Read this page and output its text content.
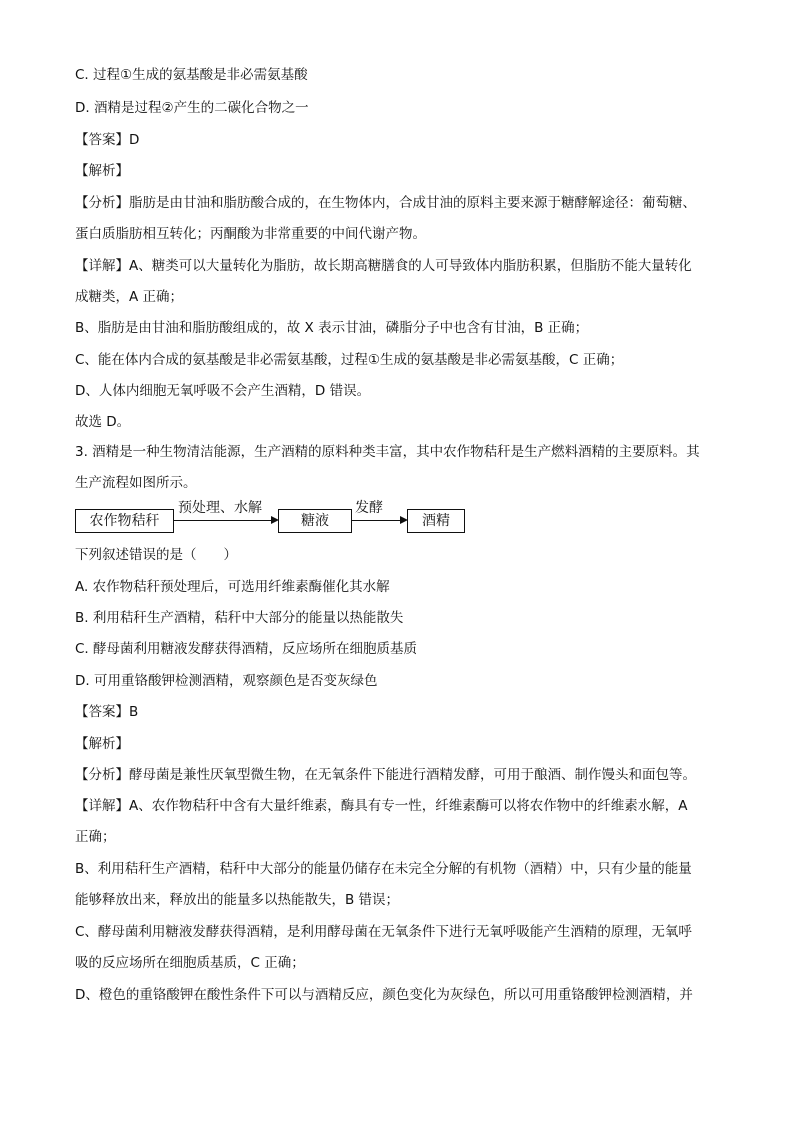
C. 过程①生成的氨基酸是非必需氨基酸
D. 酒精是过程②产生的二碳化合物之一
【答案】D
【解析】
【分析】脂肪是由甘油和脂肪酸合成的，在生物体内，合成甘油的原料主要来源于糖酵解途径：葡萄糖、
蛋白质脂肪相互转化；丙酮酸为非常重要的中间代谢产物。
【详解】A、糖类可以大量转化为脂肪，故长期高糖膳食的人可导致体内脂肪积累，但脂肪不能大量转化
成糖类，A 正确；
B、脂肪是由甘油和脂肪酸组成的，故 X 表示甘油，磷脂分子中也含有甘油，B 正确；
C、能在体内合成的氨基酸是非必需氨基酸，过程①生成的氨基酸是非必需氨基酸，C 正确；
D、人体内细胞无氧呼吸不会产生酒精，D 错误。
故选 D。
3. 酒精是一种生物清洁能源，生产酒精的原料种类丰富，其中农作物秸秆是生产燃料酒精的主要原料。其
生产流程如图所示。
农作物秸秆
预处理、水解
糖液
发酵
酒精
下列叙述错误的是（　　）
A. 农作物秸秆预处理后，可选用纤维素酶催化其水解
B. 利用秸秆生产酒精，秸秆中大部分的能量以热能散失
C. 酵母菌利用糖液发酵获得酒精，反应场所在细胞质基质
D. 可用重铬酸钾检测酒精，观察颜色是否变灰绿色
【答案】B
【解析】
【分析】酵母菌是兼性厌氧型微生物，在无氧条件下能进行酒精发酵，可用于酿酒、制作馒头和面包等。
【详解】A、农作物秸秆中含有大量纤维素，酶具有专一性，纤维素酶可以将农作物中的纤维素水解，A
正确；
B、利用秸秆生产酒精，秸秆中大部分的能量仍储存在未完全分解的有机物（酒精）中，只有少量的能量
能够释放出来，释放出的能量多以热能散失，B 错误；
C、酵母菌利用糖液发酵获得酒精，是利用酵母菌在无氧条件下进行无氧呼吸能产生酒精的原理，无氧呼
吸的反应场所在细胞质基质，C 正确；
D、橙色的重铬酸钾在酸性条件下可以与酒精反应，颜色变化为灰绿色，所以可用重铬酸钾检测酒精，并
